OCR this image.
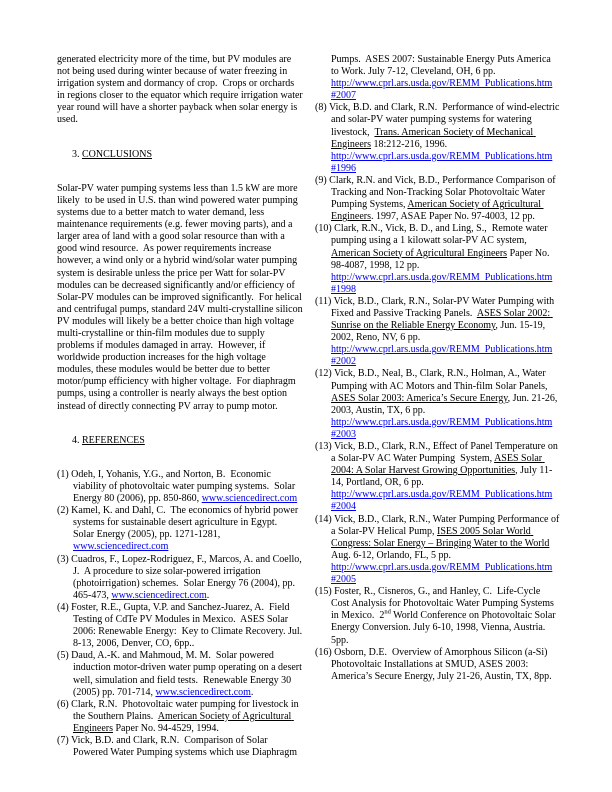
generated electricity more of the time, but PV modules are not being used during winter because of water freezing in irrigation system and dormancy of crop.  Crops or orchards in regions closer to the equator which require irrigation water year round will have a shorter payback when solar energy is used.

3. CONCLUSIONS

Solar-PV water pumping systems less than 1.5 kW are more likely  to be used in U.S. than wind powered water pumping systems due to a better match to water demand, less maintenance requirements (e.g. fewer moving parts), and a larger area of land with a good solar resource than with a good wind resource.  As power requirements increase however, a wind only or a hybrid wind/solar water pumping system is desirable unless the price per Watt for solar-PV modules can be decreased significantly and/or efficiency of Solar-PV modules can be improved significantly.  For helical and centrifugal pumps, standard 24V multi-crystalline silicon PV modules will likely be a better choice than high voltage multi-crystalline or thin-film modules due to supply problems if modules damaged in array.  However, if worldwide production increases for the high voltage modules, these modules would be better due to better motor/pump efficiency with higher voltage.  For diaphragm pumps, using a controller is nearly always the best option instead of directly connecting PV array to pump motor.

4. REFERENCES

(1) Odeh, I, Yohanis, Y.G., and Norton, B.  Economic viability of photovoltaic water pumping systems.  Solar Energy 80 (2006), pp. 850-860, www.sciencedirect.com
(2) Kamel, K. and Dahl, C.  The economics of hybrid power systems for sustainable desert agriculture in Egypt.  Solar Energy (2005), pp. 1271-1281, www.sciencedirect.com
(3) Cuadros, F., Lopez-Rodriguez, F., Marcos, A. and Coello, J.  A procedure to size solar-powered irrigation (photoirrigation) schemes.  Solar Energy 76 (2004), pp. 465-473, www.sciencedirect.com.
(4) Foster, R.E., Gupta, V.P. and Sanchez-Juarez, A.  Field Testing of CdTe PV Modules in Mexico.  ASES Solar 2006: Renewable Energy:  Key to Climate Recovery. Jul. 8-13, 2006, Denver, CO, 6pp..
(5) Daud, A.-K. and Mahmoud, M. M.  Solar powered induction motor-driven water pump operating on a desert well, simulation and field tests.  Renewable Energy 30 (2005) pp. 701-714, www.sciencedirect.com.
(6) Clark, R.N.  Photovoltaic water pumping for livestock in the Southern Plains.  American Society of Agricultural Engineers Paper No. 94-4529, 1994.
(7) Vick, B.D. and Clark, R.N.  Comparison of Solar Powered Water Pumping systems which use Diaphragm
Pumps.  ASES 2007: Sustainable Energy Puts America to Work. July 7-12, Cleveland, OH, 6 pp. http://www.cprl.ars.usda.gov/REMM_Publications.htm#2007
(8) Vick, B.D. and Clark, R.N.  Performance of wind-electric and solar-PV water pumping systems for watering livestock,  Trans. American Society of Mechanical Engineers 18:212-216, 1996. http://www.cprl.ars.usda.gov/REMM_Publications.htm#1996
(9) Clark, R.N. and Vick, B.D., Performance Comparison of Tracking and Non-Tracking Solar Photovoltaic Water Pumping Systems, American Society of Agricultural Engineers. 1997, ASAE Paper No. 97-4003, 12 pp.
(10) Clark, R.N., Vick, B. D., and Ling, S.,  Remote water pumping using a 1 kilowatt solar-PV AC system, American Society of Agricultural Engineers Paper No. 98-4087, 1998, 12 pp. http://www.cprl.ars.usda.gov/REMM_Publications.htm#1998
(11) Vick, B.D., Clark, R.N., Solar-PV Water Pumping with Fixed and Passive Tracking Panels.  ASES Solar 2002: Sunrise on the Reliable Energy Economy, Jun. 15-19, 2002, Reno, NV, 6 pp. http://www.cprl.ars.usda.gov/REMM_Publications.htm#2002
(12) Vick, B.D., Neal, B., Clark, R.N., Holman, A., Water Pumping with AC Motors and Thin-film Solar Panels, ASES Solar 2003: America’s Secure Energy, Jun. 21-26, 2003, Austin, TX, 6 pp. http://www.cprl.ars.usda.gov/REMM_Publications.htm#2003
(13) Vick, B.D., Clark, R.N., Effect of Panel Temperature on a Solar-PV AC Water Pumping  System, ASES Solar 2004: A Solar Harvest Growing Opportunities, July 11-14, Portland, OR, 6 pp. http://www.cprl.ars.usda.gov/REMM_Publications.htm#2004
(14) Vick, B.D., Clark, R.N., Water Pumping Performance of a Solar-PV Helical Pump, ISES 2005 Solar World Congress: Solar Energy – Bringing Water to the World Aug. 6-12, Orlando, FL, 5 pp. http://www.cprl.ars.usda.gov/REMM_Publications.htm#2005
(15) Foster, R., Cisneros, G., and Hanley, C.  Life-Cycle Cost Analysis for Photovoltaic Water Pumping Systems in Mexico.  2nd World Conference on Photovoltaic Solar Energy Conversion. July 6-10, 1998, Vienna, Austria. 5pp.
(16) Osborn, D.E.  Overview of Amorphous Silicon (a-Si) Photovoltaic Installations at SMUD, ASES 2003: America’s Secure Energy, July 21-26, Austin, TX, 8pp.
